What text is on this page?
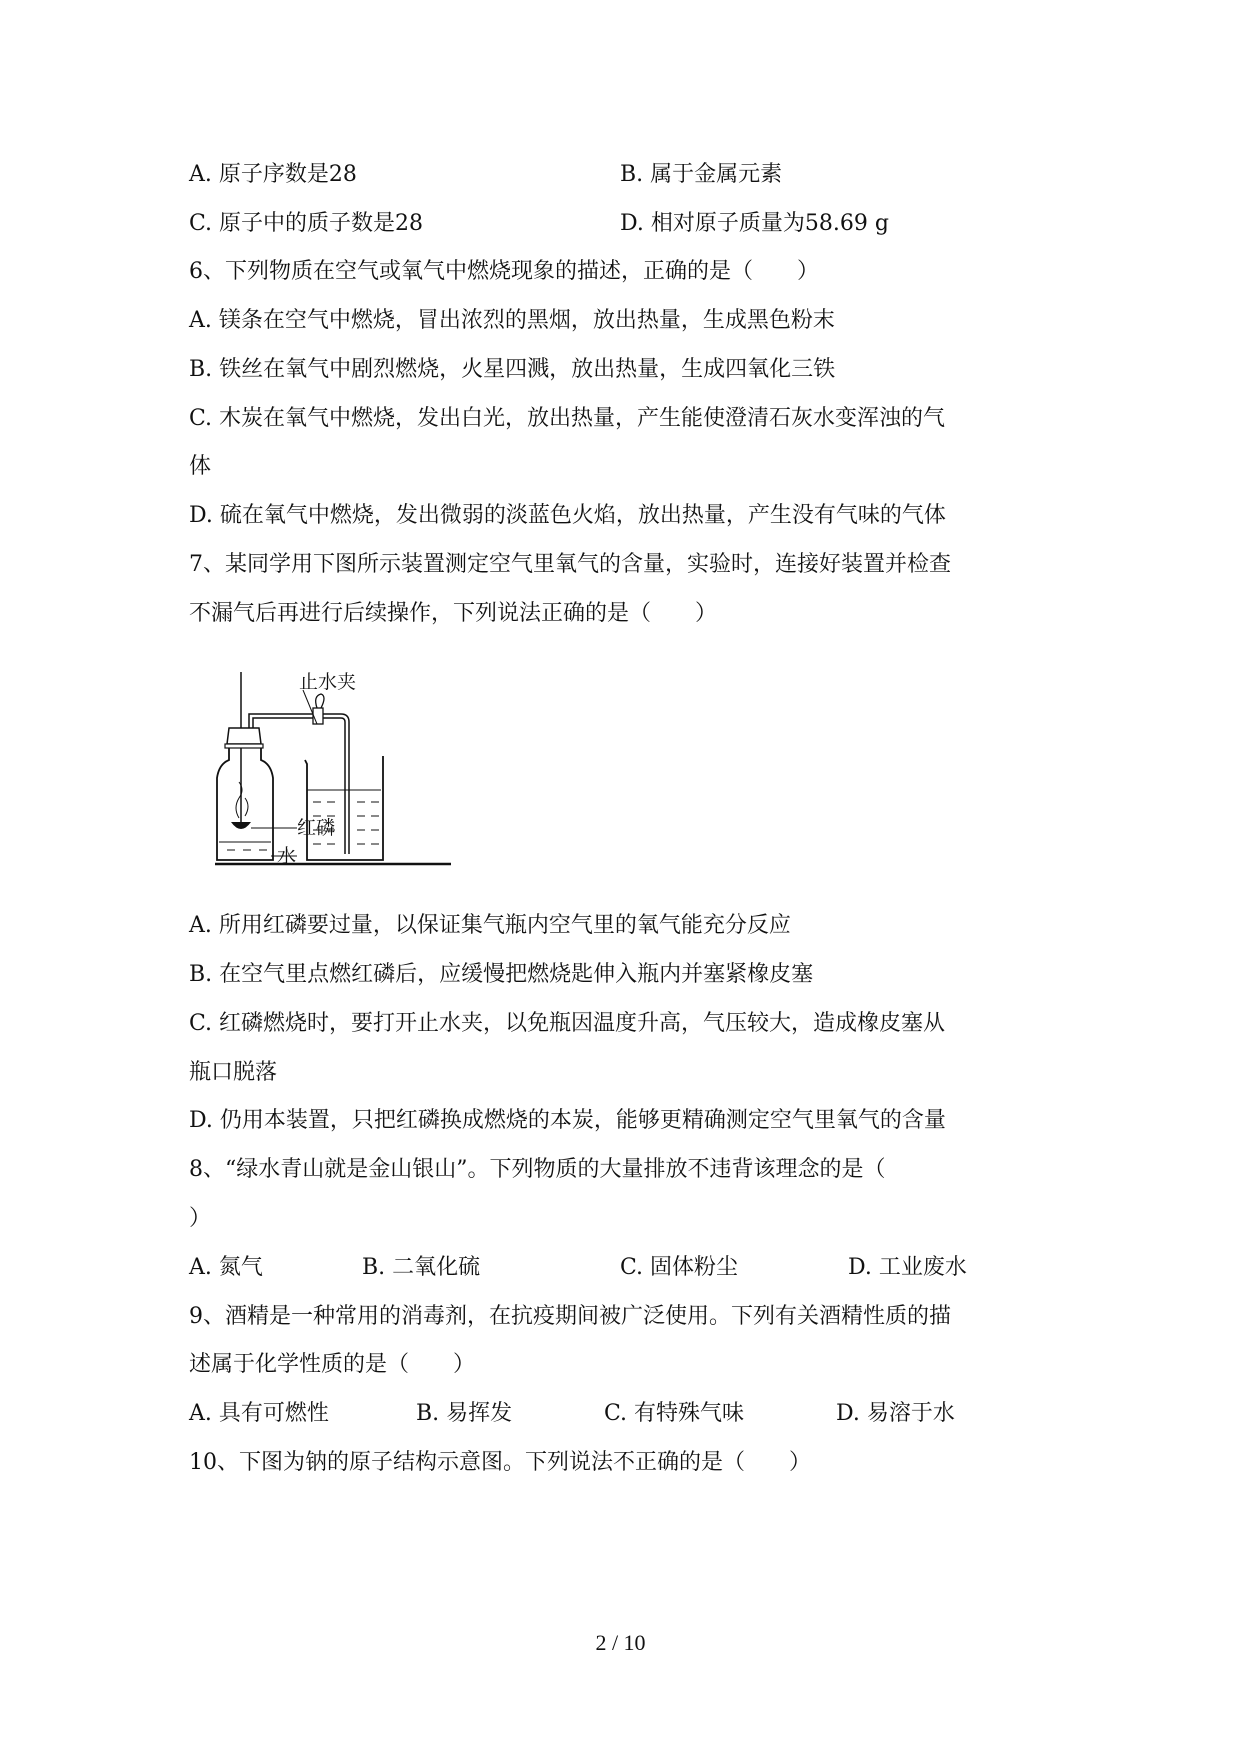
A. 原子序数是28	B. 属于金属元素
C. 原子中的质子数是28	D. 相对原子质量为58.69 g
6、下列物质在空气或氧气中燃烧现象的描述，正确的是（　　）
A. 镁条在空气中燃烧，冒出浓烈的黑烟，放出热量，生成黑色粉末
B. 铁丝在氧气中剧烈燃烧，火星四溅，放出热量，生成四氧化三铁
C. 木炭在氧气中燃烧，发出白光，放出热量，产生能使澄清石灰水变浑浊的气
体
D. 硫在氧气中燃烧，发出微弱的淡蓝色火焰，放出热量，产生没有气味的气体
7、某同学用下图所示装置测定空气里氧气的含量，实验时，连接好装置并检查
不漏气后再进行后续操作，下列说法正确的是（　　）
止水夹
红磷
水
A. 所用红磷要过量，以保证集气瓶内空气里的氧气能充分反应
B. 在空气里点燃红磷后，应缓慢把燃烧匙伸入瓶内并塞紧橡皮塞
C. 红磷燃烧时，要打开止水夹，以免瓶因温度升高，气压较大，造成橡皮塞从
瓶口脱落
D. 仍用本装置，只把红磷换成燃烧的本炭，能够更精确测定空气里氧气的含量
8、“绿水青山就是金山银山”。下列物质的大量排放不违背该理念的是（
）
A. 氮气	B. 二氧化硫	C. 固体粉尘	D. 工业废水
9、酒精是一种常用的消毒剂，在抗疫期间被广泛使用。下列有关酒精性质的描
述属于化学性质的是（　　）
A. 具有可燃性	B. 易挥发	C. 有特殊气味	D. 易溶于水
10、下图为钠的原子结构示意图。下列说法不正确的是（　　）
2 / 10
